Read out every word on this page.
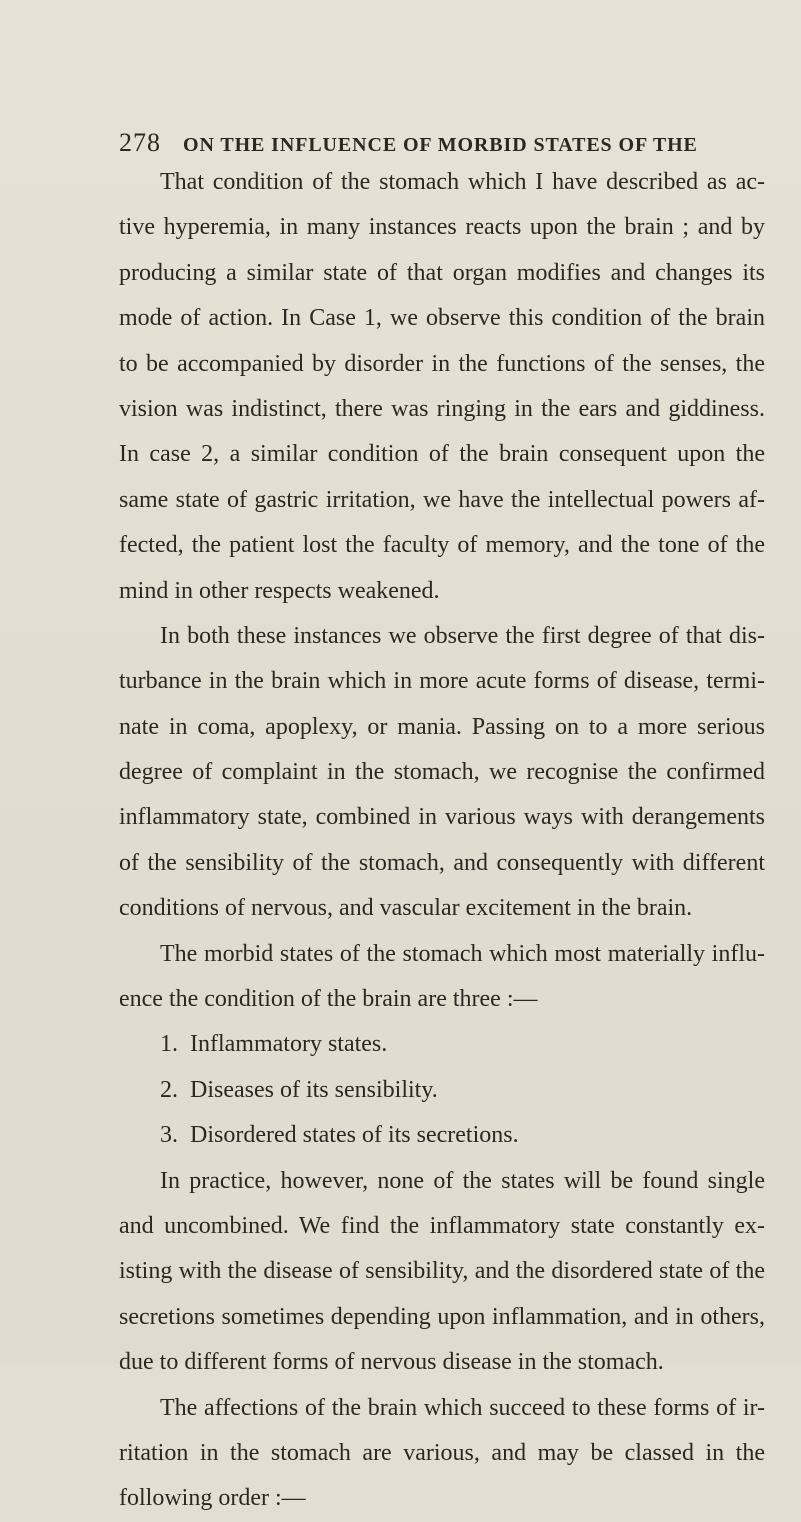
278 ON THE INFLUENCE OF MORBID STATES OF THE
That condition of the stomach which I have described as ac-
tive hyperemia, in many instances reacts upon the brain ; and by
producing a similar state of that organ modifies and changes its
mode of action. In Case 1, we observe this condition of the brain
to be accompanied by disorder in the functions of the senses, the
vision was indistinct, there was ringing in the ears and giddiness.
In case 2, a similar condition of the brain consequent upon the
same state of gastric irritation, we have the intellectual powers af-
fected, the patient lost the faculty of memory, and the tone of the
mind in other respects weakened.
In both these instances we observe the first degree of that dis-
turbance in the brain which in more acute forms of disease, termi-
nate in coma, apoplexy, or mania. Passing on to a more serious
degree of complaint in the stomach, we recognise the confirmed
inflammatory state, combined in various ways with derangements
of the sensibility of the stomach, and consequently with different
conditions of nervous, and vascular excitement in the brain.
The morbid states of the stomach which most materially influ-
ence the condition of the brain are three :—
1. Inflammatory states.
2. Diseases of its sensibility.
3. Disordered states of its secretions.
In practice, however, none of the states will be found single
and uncombined. We find the inflammatory state constantly ex-
isting with the disease of sensibility, and the disordered state of the
secretions sometimes depending upon inflammation, and in others,
due to different forms of nervous disease in the stomach.
The affections of the brain which succeed to these forms of ir-
ritation in the stomach are various, and may be classed in the
following order :—
